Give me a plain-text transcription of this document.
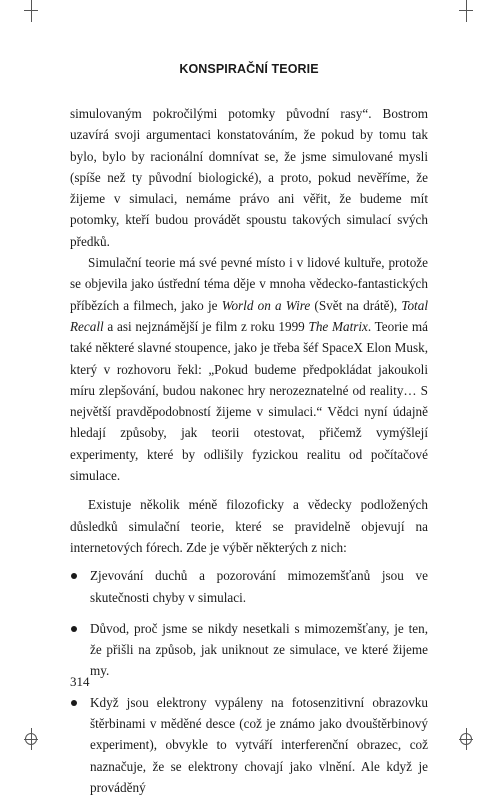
KONSPIRAČNÍ TEORIE

simulovaným pokročilými potomky původní rasy“. Bostrom uzavírá svoji argumentaci konstatováním, že pokud by tomu tak bylo, bylo by racionální domnívat se, že jsme simulované mysli (spíše než ty původní biologické), a proto, pokud nevěříme, že žijeme v simulaci, nemáme právo ani věřit, že budeme mít potomky, kteří budou provádět spoustu takových simulací svých předků.

Simulační teorie má své pevné místo i v lidové kultuře, protože se objevila jako ústřední téma děje v mnoha vědecko-fantastických příbězích a filmech, jako je World on a Wire (Svět na drátě), Total Recall a asi nejznámější je film z roku 1999 The Matrix. Teorie má také některé slavné stoupence, jako je třeba šéf SpaceX Elon Musk, který v rozhovoru řekl: „Pokud budeme předpokládat jakoukoli míru zlepšování, budou nakonec hry nerozeznatelné od reality… S největší pravděpodobností žijeme v simulaci.“ Vědci nyní údajně hledají způsoby, jak teorii otestovat, přičemž vymýšlejí experimenty, které by odlišily fyzickou realitu od počítačové simulace.

Existuje několik méně filozoficky a vědecky podložených důsledků simulační teorie, které se pravidelně objevují na internetových fórech. Zde je výběr některých z nich:

Zjevování duchů a pozorování mimozemšťanů jsou ve skutečnosti chyby v simulaci.
Důvod, proč jsme se nikdy nesetkali s mimozemšťany, je ten, že přišli na způsob, jak uniknout ze simulace, ve které žijeme my.
Když jsou elektrony vypáleny na fotosenzitivní obrazovku štěrbinami v měděné desce (což je známo jako dvouštěrbinový experiment), obvykle to vytváří interferenční obrazec, což naznačuje, že se elektrony chovají jako vlnění. Ale když je prováděný
314
